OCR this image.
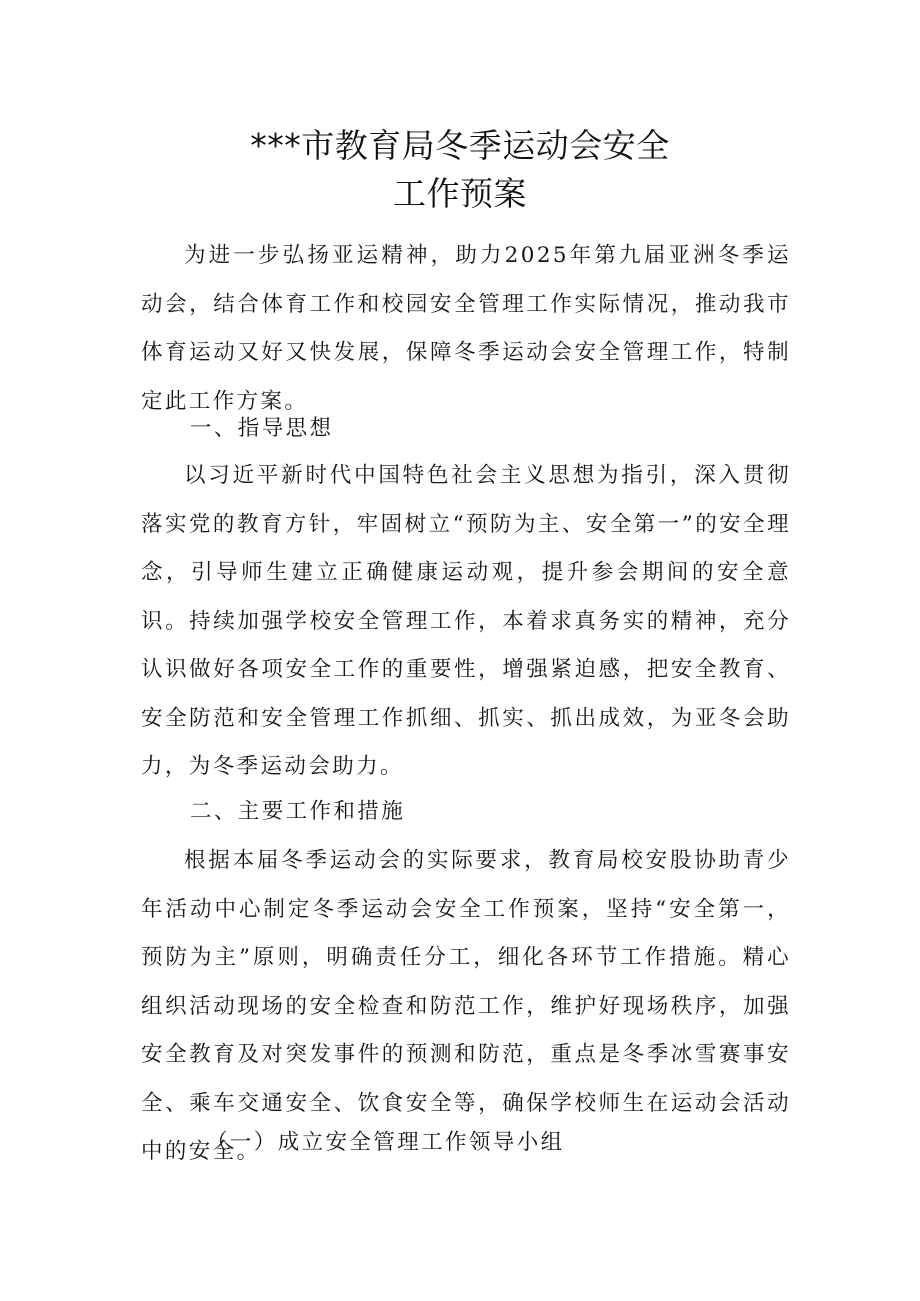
***市教育局冬季运动会安全
工作预案

为进一步弘扬亚运精神，助力2025年第九届亚洲冬季运动会，结合体育工作和校园安全管理工作实际情况，推动我市体育运动又好又快发展，保障冬季运动会安全管理工作，特制定此工作方案。

一、指导思想

以习近平新时代中国特色社会主义思想为指引，深入贯彻落实党的教育方针，牢固树立“预防为主、安全第一”的安全理念，引导师生建立正确健康运动观，提升参会期间的安全意识。持续加强学校安全管理工作，本着求真务实的精神，充分认识做好各项安全工作的重要性，增强紧迫感，把安全教育、安全防范和安全管理工作抓细、抓实、抓出成效，为亚冬会助力，为冬季运动会助力。

二、主要工作和措施

根据本届冬季运动会的实际要求，教育局校安股协助青少年活动中心制定冬季运动会安全工作预案，坚持“安全第一，预防为主”原则，明确责任分工，细化各环节工作措施。精心组织活动现场的安全检查和防范工作，维护好现场秩序，加强安全教育及对突发事件的预测和防范，重点是冬季冰雪赛事安全、乘车交通安全、饮食安全等，确保学校师生在运动会活动中的安全。

（一）成立安全管理工作领导小组
